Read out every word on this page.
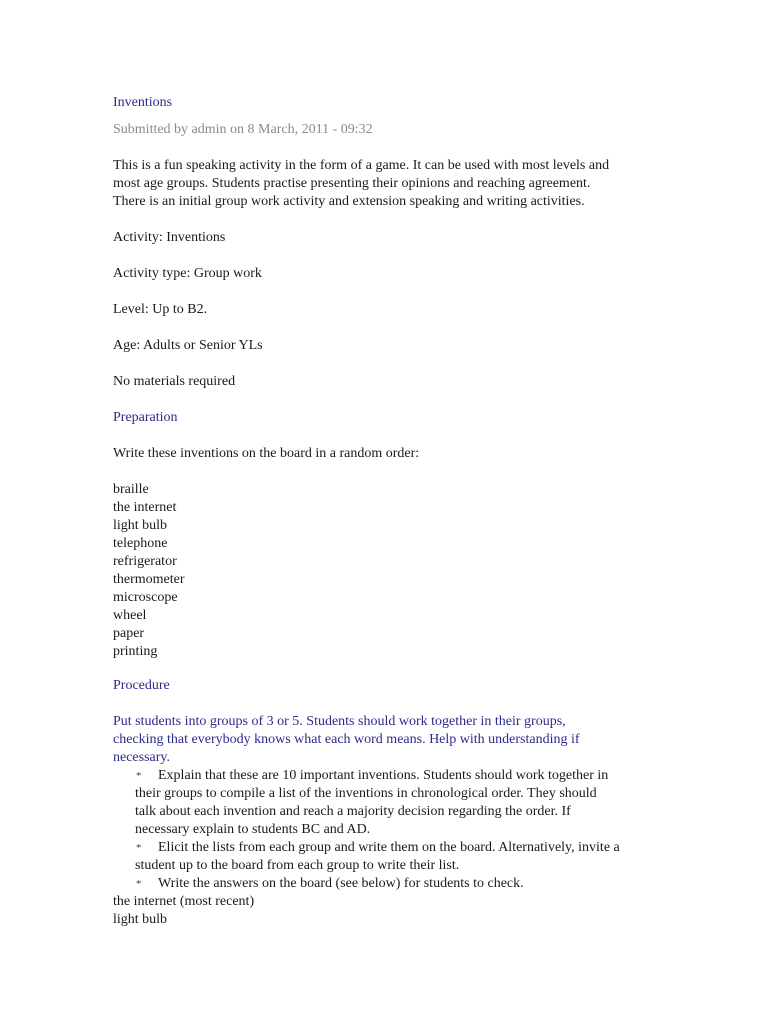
Inventions
Submitted by admin on 8 March, 2011 - 09:32
This is a fun speaking activity in the form of a game. It can be used with most levels and
most age groups. Students practise presenting their opinions and reaching agreement.
There is an initial group work activity and extension speaking and writing activities.
Activity: Inventions
Activity type: Group work
Level: Up to B2.
Age: Adults or Senior YLs
No materials required
Preparation
Write these inventions on the board in a random order:
braille
the internet
light bulb
telephone
refrigerator
thermometer
microscope
wheel
paper
printing
Procedure
Put students into groups of 3 or 5. Students should work together in their groups,
checking that everybody knows what each word means. Help with understanding if
necessary.
* Explain that these are 10 important inventions. Students should work together in
their groups to compile a list of the inventions in chronological order. They should
talk about each invention and reach a majority decision regarding the order. If
necessary explain to students BC and AD.
* Elicit the lists from each group and write them on the board. Alternatively, invite a
student up to the board from each group to write their list.
* Write the answers on the board (see below) for students to check.
the internet (most recent)
light bulb
